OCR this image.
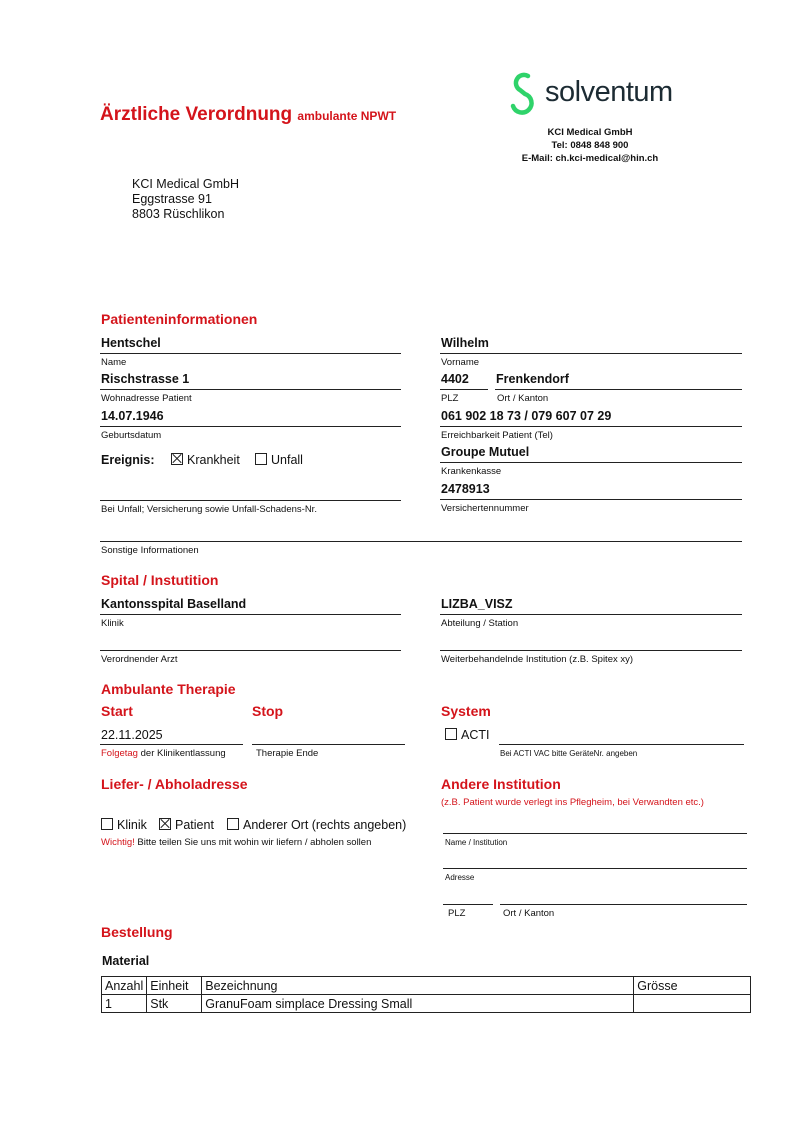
Ärztliche Verordnung ambulante NPWT
solventum
KCI Medical GmbH
Tel: 0848 848 900
E-Mail: ch.kci-medical@hin.ch
KCI Medical GmbH
Eggstrasse 91
8803 Rüschlikon
Patienteninformationen
Hentschel
Name
Wilhelm
Vorname
Rischstrasse 1
Wohnadresse Patient
4402
PLZ
Frenkendorf
Ort / Kanton
14.07.1946
Geburtsdatum
061 902 18 73 / 079 607 07 29
Erreichbarkeit Patient (Tel)
Ereignis:	Krankheit	Unfall
Groupe Mutuel
Krankenkasse
Bei Unfall; Versicherung sowie Unfall-Schadens-Nr.
2478913
Versichertennummer
Sonstige Informationen
Spital / Instutition
Kantonsspital Baselland
Klinik
LIZBA_VISZ
Abteilung / Station
Verordnender Arzt	Weiterbehandelnde Institution (z.B. Spitex xy)
Ambulante Therapie
Start	Stop	System
22.11.2025
Folgetag der Klinikentlassung	Therapie Ende
ACTI
Bei ACTI VAC bitte GeräteNr. angeben
Liefer- / Abholadresse
Klinik	Patient	Anderer Ort (rechts angeben)
Wichtig! Bitte teilen Sie uns mit wohin wir liefern / abholen sollen
Andere Institution
(z.B. Patient wurde verlegt ins Pflegheim, bei Verwandten etc.)
Name / Institution
Adresse
PLZ	Ort / Kanton
Bestellung
Material
Anzahl	Einheit	Bezeichnung	Grösse
1	Stk	GranuFoam simplace Dressing Small	
